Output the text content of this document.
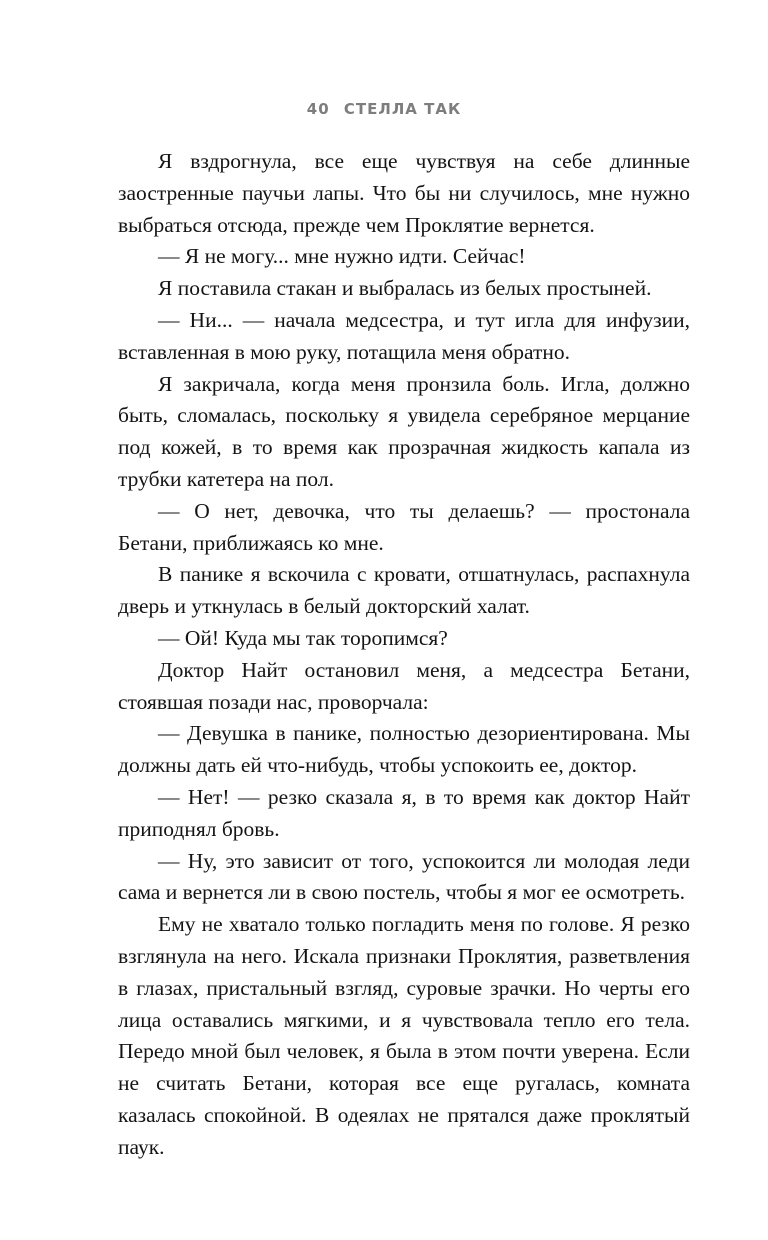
40 СТЕЛЛА ТАК

Я вздрогнула, все еще чувствуя на себе длинные заостренные паучьи лапы. Что бы ни случилось, мне нужно выбраться отсюда, прежде чем Проклятие вернется.

— Я не могу... мне нужно идти. Сейчас!

Я поставила стакан и выбралась из белых простыней.

— Ни... — начала медсестра, и тут игла для инфузии, вставленная в мою руку, потащила меня обратно.

Я закричала, когда меня пронзила боль. Игла, должно быть, сломалась, поскольку я увидела серебряное мерцание под кожей, в то время как прозрачная жидкость капала из трубки катетера на пол.

— О нет, девочка, что ты делаешь? — простонала Бетани, приближаясь ко мне.

В панике я вскочила с кровати, отшатнулась, распахнула дверь и уткнулась в белый докторский халат.

— Ой! Куда мы так торопимся?

Доктор Найт остановил меня, а медсестра Бетани, стоявшая позади нас, проворчала:

— Девушка в панике, полностью дезориентирована. Мы должны дать ей что-нибудь, чтобы успокоить ее, доктор.

— Нет! — резко сказала я, в то время как доктор Найт приподнял бровь.

— Ну, это зависит от того, успокоится ли молодая леди сама и вернется ли в свою постель, чтобы я мог ее осмотреть.

Ему не хватало только погладить меня по голове. Я резко взглянула на него. Искала признаки Проклятия, разветвления в глазах, пристальный взгляд, суровые зрачки. Но черты его лица оставались мягкими, и я чувствовала тепло его тела. Передо мной был человек, я была в этом почти уверена. Если не считать Бетани, которая все еще ругалась, комната казалась спокойной. В одеялах не прятался даже проклятый паук.
